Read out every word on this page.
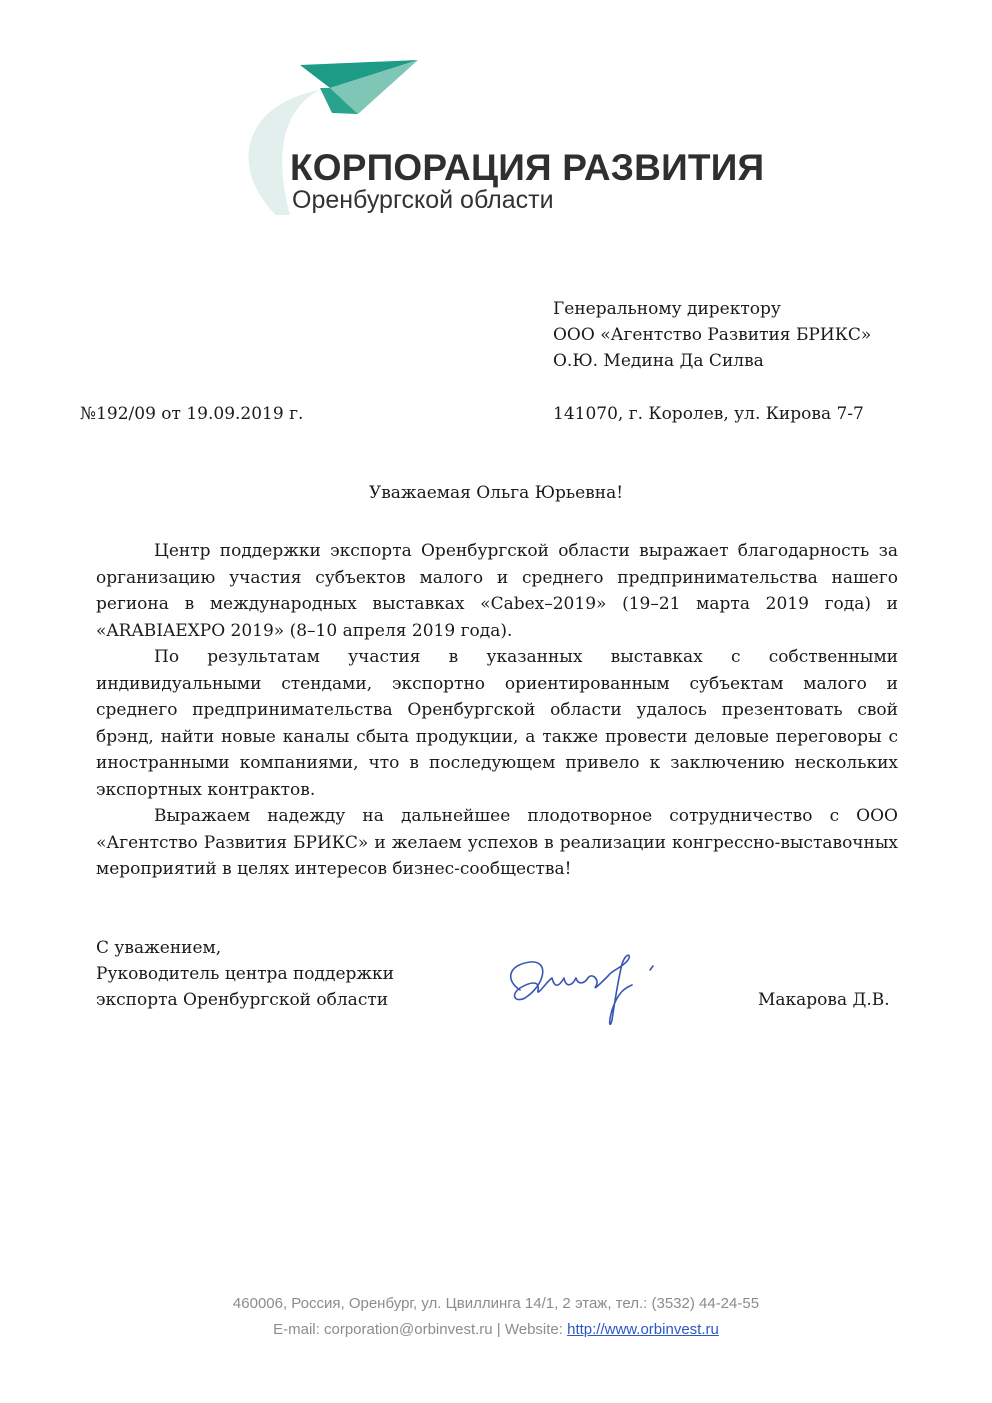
КОРПОРАЦИЯ РАЗВИТИЯ
Оренбургской области
Генеральному директору
ООО «Агентство Развития БРИКС»
О.Ю. Медина Да Силва
№192/09 от 19.09.2019 г.	141070, г. Королев, ул. Кирова 7-7
Уважаемая Ольга Юрьевна!

Центр поддержки экспорта Оренбургской области выражает благодарность за организацию участия субъектов малого и среднего предпринимательства нашего региона в международных выставках «Cabex–2019» (19–21 марта 2019 года) и «ARABIAEXPO 2019» (8–10 апреля 2019 года).

По результатам участия в указанных выставках с собственными индивидуальными стендами, экспортно ориентированным субъектам малого и среднего предпринимательства Оренбургской области удалось презентовать свой брэнд, найти новые каналы сбыта продукции, а также провести деловые переговоры с иностранными компаниями, что в последующем привело к заключению нескольких экспортных контрактов.

Выражаем надежду на дальнейшее плодотворное сотрудничество с ООО «Агентство Развития БРИКС» и желаем успехов в реализации конгрессно-выставочных мероприятий в целях интересов бизнес-сообщества!

С уважением,
Руководитель центра поддержки
экспорта Оренбургской области	Макарова Д.В.
460006, Россия, Оренбург, ул. Цвиллинга 14/1, 2 этаж, тел.: (3532) 44-24-55
E-mail: corporation@orbinvest.ru | Website: http://www.orbinvest.ru
